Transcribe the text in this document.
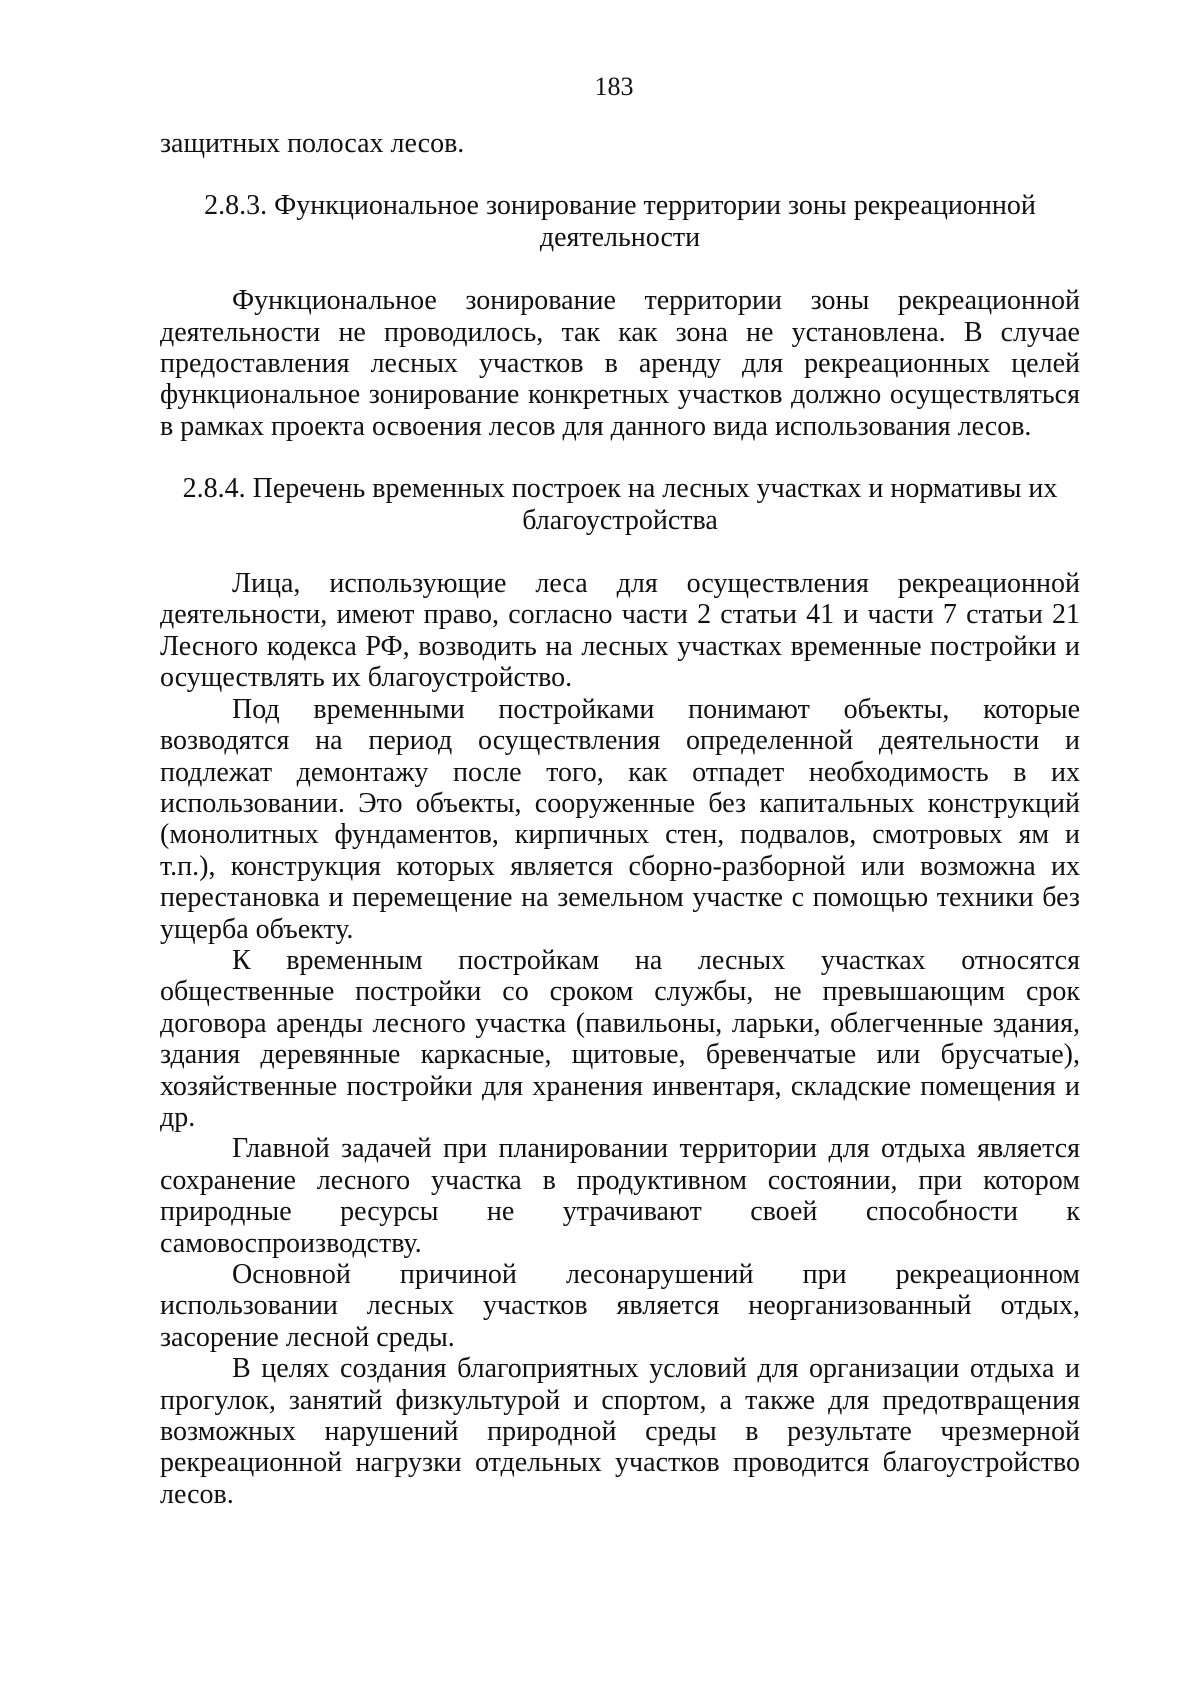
183

защитных полосах лесов.

2.8.3. Функциональное зонирование территории зоны рекреационной деятельности

Функциональное зонирование территории зоны рекреационной деятельности не проводилось, так как зона не установлена. В случае предоставления лесных участков в аренду для рекреационных целей функциональное зонирование конкретных участков должно осуществляться в рамках проекта освоения лесов для данного вида использования лесов.

2.8.4. Перечень временных построек на лесных участках и нормативы их благоустройства

Лица, использующие леса для осуществления рекреационной деятельности, имеют право, согласно части 2 статьи 41 и части 7 статьи 21 Лесного кодекса РФ, возводить на лесных участках временные постройки и осуществлять их благоустройство.

Под временными постройками понимают объекты, которые возводятся на период осуществления определенной деятельности и подлежат демонтажу после того, как отпадет необходимость в их использовании. Это объекты, сооруженные без капитальных конструкций (монолитных фундаментов, кирпичных стен, подвалов, смотровых ям и т.п.), конструкция которых является сборно-разборной или возможна их перестановка и перемещение на земельном участке с помощью техники без ущерба объекту.

К временным постройкам на лесных участках относятся общественные постройки со сроком службы, не превышающим срок договора аренды лесного участка (павильоны, ларьки, облегченные здания, здания деревянные каркасные, щитовые, бревенчатые или брусчатые), хозяйственные постройки для хранения инвентаря, складские помещения и др.

Главной задачей при планировании территории для отдыха является сохранение лесного участка в продуктивном состоянии, при котором природные ресурсы не утрачивают своей способности к самовоспроизводству.

Основной причиной лесонарушений при рекреационном использовании лесных участков является неорганизованный отдых, засорение лесной среды.

В целях создания благоприятных условий для организации отдыха и прогулок, занятий физкультурой и спортом, а также для предотвращения возможных нарушений природной среды в результате чрезмерной рекреационной нагрузки отдельных участков проводится благоустройство лесов.
